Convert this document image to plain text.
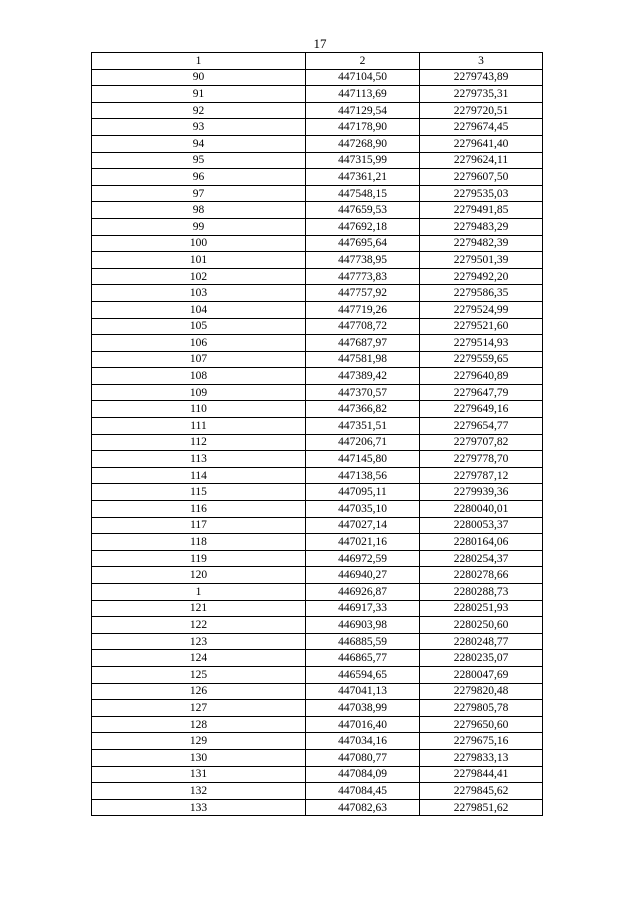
17
1	2	3
90	447104,50	2279743,89
91	447113,69	2279735,31
92	447129,54	2279720,51
93	447178,90	2279674,45
94	447268,90	2279641,40
95	447315,99	2279624,11
96	447361,21	2279607,50
97	447548,15	2279535,03
98	447659,53	2279491,85
99	447692,18	2279483,29
100	447695,64	2279482,39
101	447738,95	2279501,39
102	447773,83	2279492,20
103	447757,92	2279586,35
104	447719,26	2279524,99
105	447708,72	2279521,60
106	447687,97	2279514,93
107	447581,98	2279559,65
108	447389,42	2279640,89
109	447370,57	2279647,79
110	447366,82	2279649,16
111	447351,51	2279654,77
112	447206,71	2279707,82
113	447145,80	2279778,70
114	447138,56	2279787,12
115	447095,11	2279939,36
116	447035,10	2280040,01
117	447027,14	2280053,37
118	447021,16	2280164,06
119	446972,59	2280254,37
120	446940,27	2280278,66
1	446926,87	2280288,73
121	446917,33	2280251,93
122	446903,98	2280250,60
123	446885,59	2280248,77
124	446865,77	2280235,07
125	446594,65	2280047,69
126	447041,13	2279820,48
127	447038,99	2279805,78
128	447016,40	2279650,60
129	447034,16	2279675,16
130	447080,77	2279833,13
131	447084,09	2279844,41
132	447084,45	2279845,62
133	447082,63	2279851,62
